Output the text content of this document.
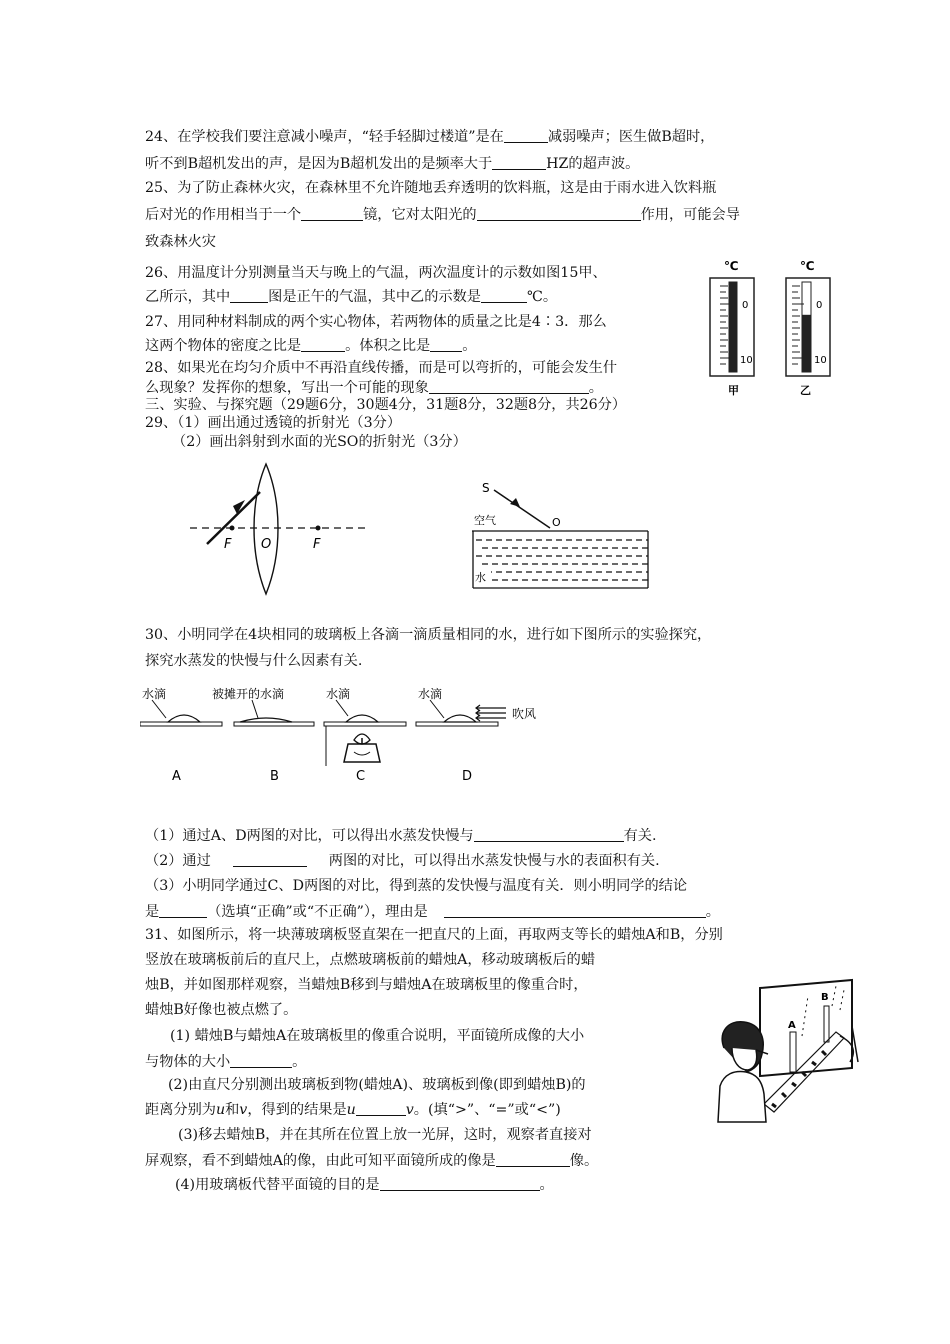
24、在学校我们要注意减小噪声，“轻手轻脚过楼道”是在	减弱噪声；医生做B超时，
听不到B超机发出的声，是因为B超机发出的是频率大于	HZ的超声波。
25、为了防止森林火灾，在森林里不允许随地丢弃透明的饮料瓶，这是由于雨水进入饮料瓶
后对光的作用相当于一个	镜，它对太阳光的	作用，可能会导
致森林火灾
26、用温度计分别测量当天与晚上的气温，两次温度计的示数如图15甲、
乙所示，其中	图是正午的气温，其中乙的示数是	℃。
27、用同种材料制成的两个实心物体，若两物体的质量之比是4∶3．那么
这两个物体的密度之比是	。体积之比是 。
28、如果光在均匀介质中不再沿直线传播，而是可以弯折的，可能会发生什
么现象？发挥你的想象，写出一个可能的现象	。
三、实验、与探究题（29题6分，30题4分，31题8分，32题8分，共26分）
29、（1）画出通过透镜的折射光（3分）
（2）画出斜射到水面的光SO的折射光（3分）
℃
0
10
甲
℃
0
10
乙
F O	F
S
空气	O
水
30、小明同学在4块相同的玻璃板上各滴一滴质量相同的水，进行如下图所示的实验探究，
探究水蒸发的快慢与什么因素有关.
水滴
A
被摊开的水滴
B
水滴
C
水滴
吹风
D
（1）通过A、D两图的对比，可以得出水蒸发快慢与	有关.
（2）通过	两图的对比，可以得出水蒸发快慢与水的表面积有关.
（3）小明同学通过C、D两图的对比，得到蒸的发快慢与温度有关．则小明同学的结论
是	（选填“正确”或“不正确”），理由是	。
31、如图所示，将一块薄玻璃板竖直架在一把直尺的上面，再取两支等长的蜡烛A和B，分别
竖放在玻璃板前后的直尺上，点燃玻璃板前的蜡烛A，移动玻璃板后的蜡
烛B，并如图那样观察，当蜡烛B移到与蜡烛A在玻璃板里的像重合时，
蜡烛B好像也被点燃了。
(1) 蜡烛B与蜡烛A在玻璃板里的像重合说明，平面镜所成像的大小
与物体的大小	。
(2)由直尺分别测出玻璃板到物(蜡烛A)、玻璃板到像(即到蜡烛B)的
距离分别为u和v，得到的结果是u	v。(填“>”、“=”或“<”)
(3)移去蜡烛B，并在其所在位置上放一光屏，这时，观察者直接对
屏观察，看不到蜡烛A的像，由此可知平面镜所成的像是	像。
(4)用玻璃板代替平面镜的目的是	。
B
A
